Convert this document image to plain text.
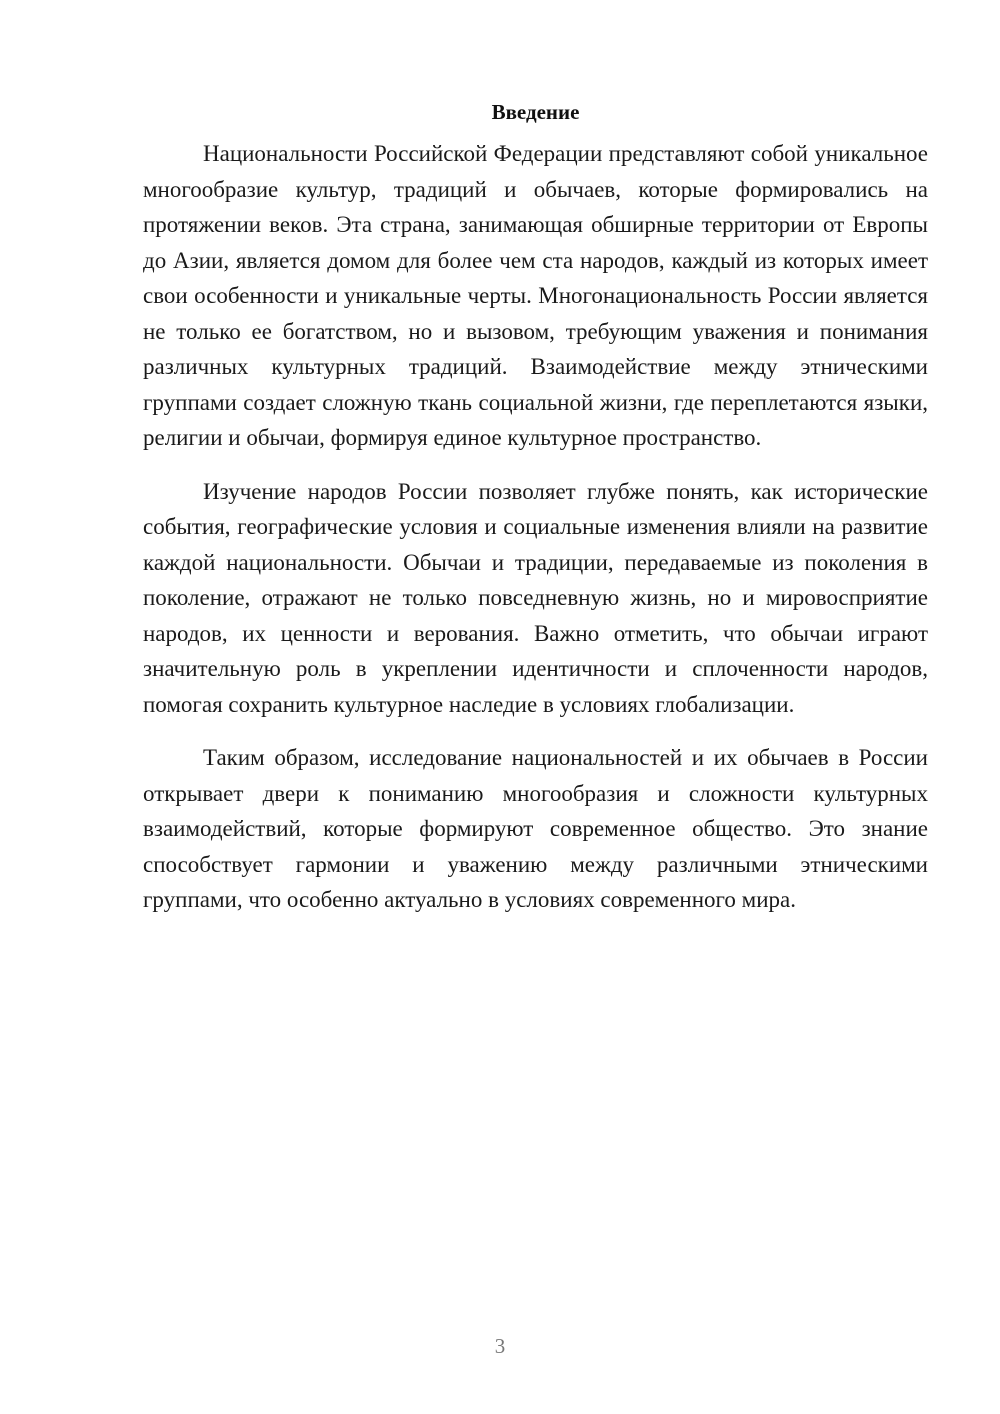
Введение

Национальности Российской Федерации представляют собой уникальное многообразие культур, традиций и обычаев, которые формировались на протяжении веков. Эта страна, занимающая обширные территории от Европы до Азии, является домом для более чем ста народов, каждый из которых имеет свои особенности и уникальные черты. Многонациональность России является не только ее богатством, но и вызовом, требующим уважения и понимания различных культурных традиций. Взаимодействие между этническими группами создает сложную ткань социальной жизни, где переплетаются языки, религии и обычаи, формируя единое культурное пространство.

Изучение народов России позволяет глубже понять, как исторические события, географические условия и социальные изменения влияли на развитие каждой национальности. Обычаи и традиции, передаваемые из поколения в поколение, отражают не только повседневную жизнь, но и мировосприятие народов, их ценности и верования. Важно отметить, что обычаи играют значительную роль в укреплении идентичности и сплоченности народов, помогая сохранить культурное наследие в условиях глобализации.

Таким образом, исследование национальностей и их обычаев в России открывает двери к пониманию многообразия и сложности культурных взаимодействий, которые формируют современное общество. Это знание способствует гармонии и уважению между различными этническими группами, что особенно актуально в условиях современного мира.

3
